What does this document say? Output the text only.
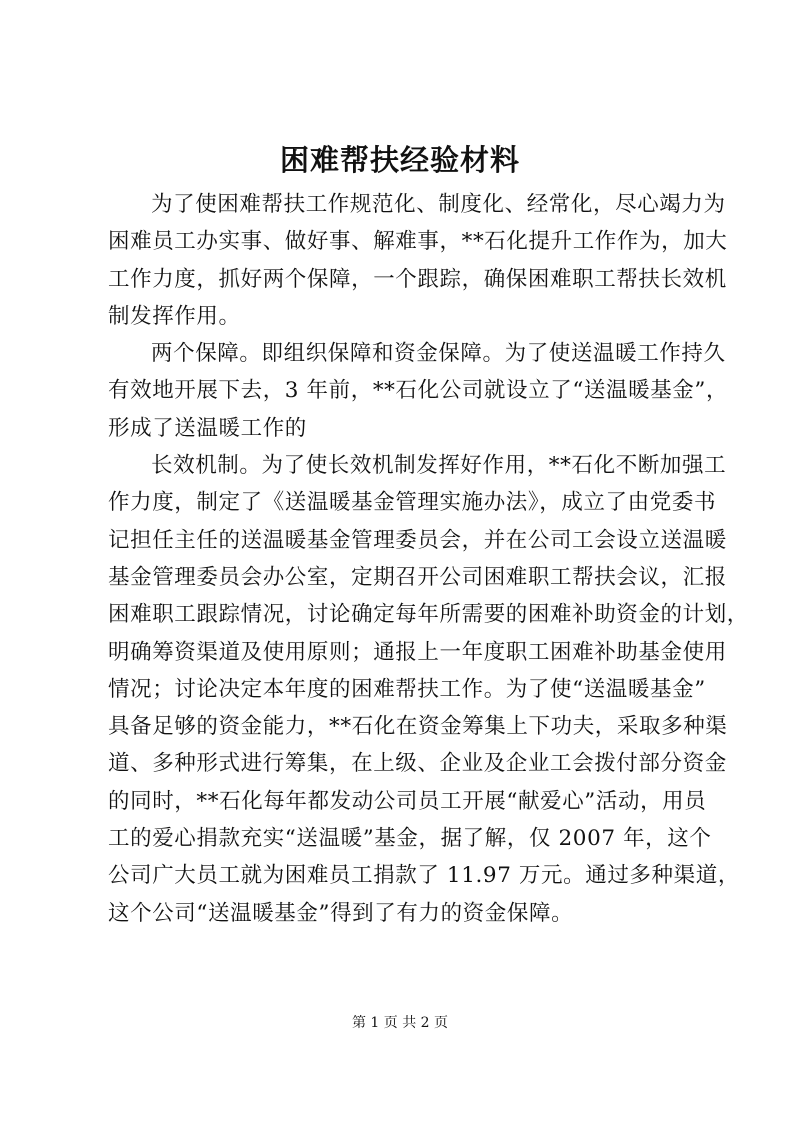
困难帮扶经验材料
为了使困难帮扶工作规范化、制度化、经常化，尽心竭力为
困难员工办实事、做好事、解难事，**石化提升工作作为，加大
工作力度，抓好两个保障，一个跟踪，确保困难职工帮扶长效机
制发挥作用。
两个保障。即组织保障和资金保障。为了使送温暖工作持久
有效地开展下去，3 年前，**石化公司就设立了“送温暖基金”，
形成了送温暖工作的
长效机制。为了使长效机制发挥好作用，**石化不断加强工
作力度，制定了《送温暖基金管理实施办法》，成立了由党委书
记担任主任的送温暖基金管理委员会，并在公司工会设立送温暖
基金管理委员会办公室，定期召开公司困难职工帮扶会议，汇报
困难职工跟踪情况，讨论确定每年所需要的困难补助资金的计划，
明确筹资渠道及使用原则；通报上一年度职工困难补助基金使用
情况；讨论决定本年度的困难帮扶工作。为了使“送温暖基金”
具备足够的资金能力，**石化在资金筹集上下功夫，采取多种渠
道、多种形式进行筹集，在上级、企业及企业工会拨付部分资金
的同时，**石化每年都发动公司员工开展“献爱心”活动，用员
工的爱心捐款充实“送温暖”基金，据了解，仅 2007 年，这个
公司广大员工就为困难员工捐款了 11.97 万元。通过多种渠道，
这个公司“送温暖基金”得到了有力的资金保障。
第 1 页 共 2 页
